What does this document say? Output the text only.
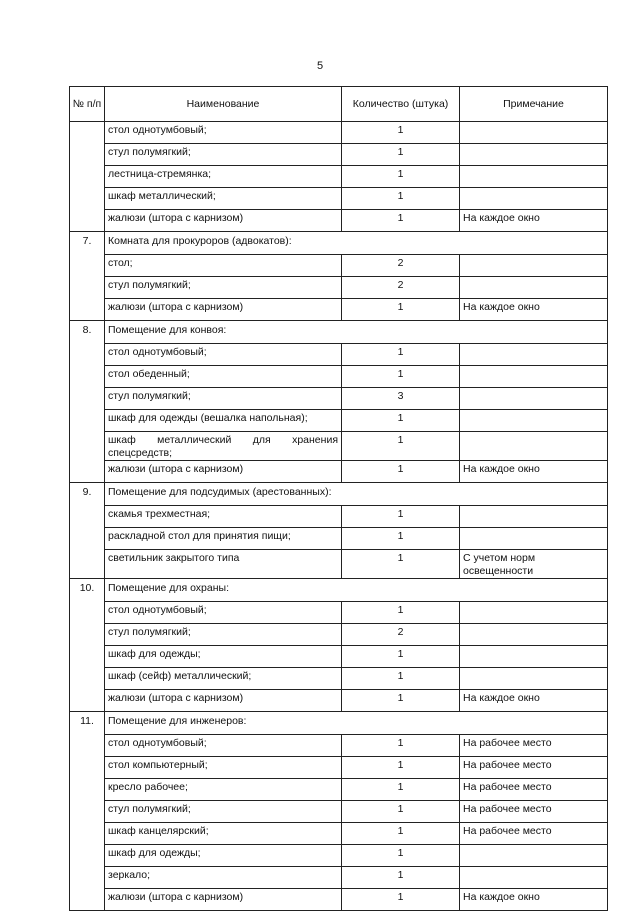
5
№ п/п	Наименование	Количество (штука)	Примечание
	стол однотумбовый;	1	
	стул полумягкий;	1	
	лестница-стремянка;	1	
	шкаф металлический;	1	
	жалюзи (штора с карнизом)	1	На каждое окно
7.	Комната для прокуроров (адвокатов):		
	стол;	2	
	стул полумягкий;	2	
	жалюзи (штора с карнизом)	1	На каждое окно
8.	Помещение для конвоя:		
	стол однотумбовый;	1	
	стол обеденный;	1	
	стул полумягкий;	3	
	шкаф для одежды (вешалка напольная);	1	
	шкаф металлический для хранения спецсредств;	1	
	жалюзи (штора с карнизом)	1	На каждое окно
9.	Помещение для подсудимых (арестованных):		
	скамья трехместная;	1	
	раскладной стол для принятия пищи;	1	
	светильник закрытого типа	1	С учетом норм освещенности
10.	Помещение для охраны:		
	стол однотумбовый;	1	
	стул полумягкий;	2	
	шкаф для одежды;	1	
	шкаф (сейф) металлический;	1	
	жалюзи (штора с карнизом)	1	На каждое окно
11.	Помещение для инженеров:		
	стол однотумбовый;	1	На рабочее место
	стол компьютерный;	1	На рабочее место
	кресло рабочее;	1	На рабочее место
	стул полумягкий;	1	На рабочее место
	шкаф канцелярский;	1	На рабочее место
	шкаф для одежды;	1	
	зеркало;	1	
	жалюзи (штора с карнизом)	1	На каждое окно
